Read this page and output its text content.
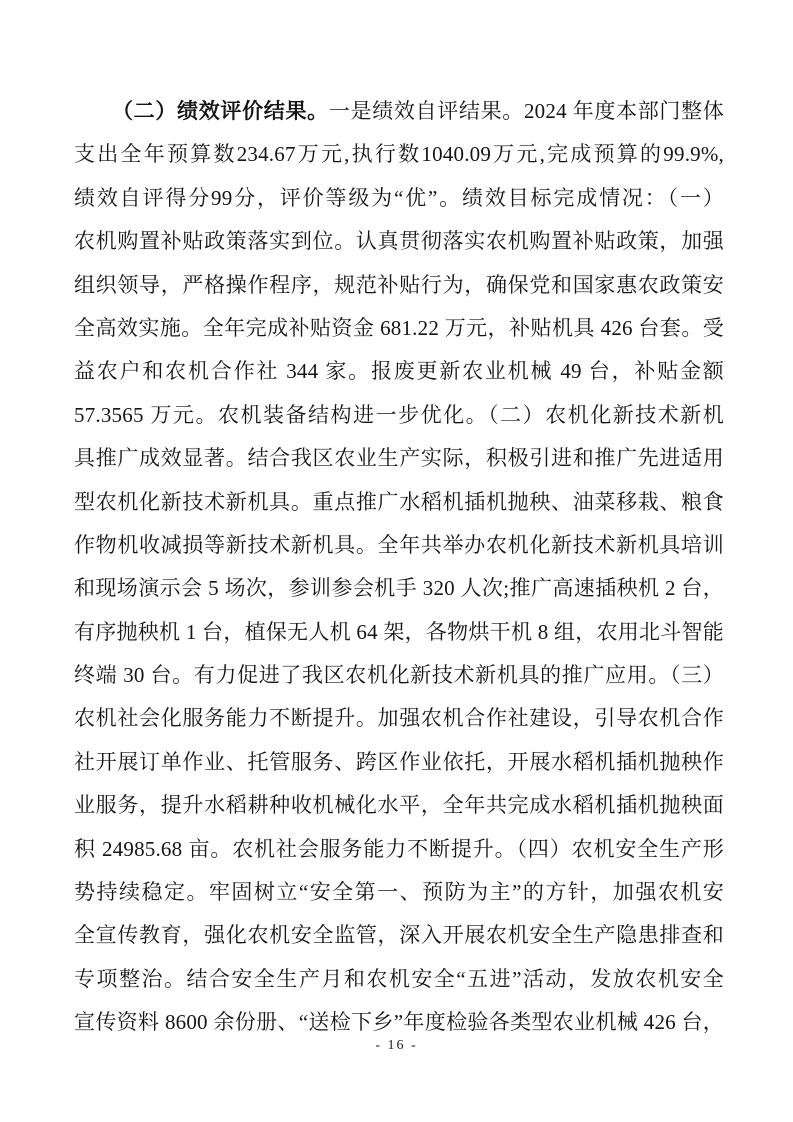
（二）绩效评价结果。一是绩效自评结果。2024 年度本部门整体
支出全年预算数234.67万元,执行数1040.09万元,完成预算的99.9%,
绩效自评得分99分，评价等级为“优”。绩效目标完成情况：（一）
农机购置补贴政策落实到位。认真贯彻落实农机购置补贴政策，加强
组织领导，严格操作程序，规范补贴行为，确保党和国家惠农政策安
全高效实施。全年完成补贴资金 681.22 万元，补贴机具 426 台套。受
益农户和农机合作社 344 家。报废更新农业机械 49 台，补贴金额
57.3565 万元。农机装备结构进一步优化。（二）农机化新技术新机
具推广成效显著。结合我区农业生产实际，积极引进和推广先进适用
型农机化新技术新机具。重点推广水稻机插机抛秧、油菜移栽、粮食
作物机收减损等新技术新机具。全年共举办农机化新技术新机具培训
和现场演示会 5 场次，参训参会机手 320 人次;推广高速插秧机 2 台，
有序抛秧机 1 台，植保无人机 64 架，各物烘干机 8 组，农用北斗智能
终端 30 台。有力促进了我区农机化新技术新机具的推广应用。（三）
农机社会化服务能力不断提升。加强农机合作社建设，引导农机合作
社开展订单作业、托管服务、跨区作业依托，开展水稻机插机抛秧作
业服务，提升水稻耕种收机械化水平，全年共完成水稻机插机抛秧面
积 24985.68 亩。农机社会服务能力不断提升。（四）农机安全生产形
势持续稳定。牢固树立“安全第一、预防为主”的方针，加强农机安
全宣传教育，强化农机安全监管，深入开展农机安全生产隐患排查和
专项整治。结合安全生产月和农机安全“五进”活动，发放农机安全
宣传资料 8600 余份册、“送检下乡”年度检验各类型农业机械 426 台，
- 16 -
